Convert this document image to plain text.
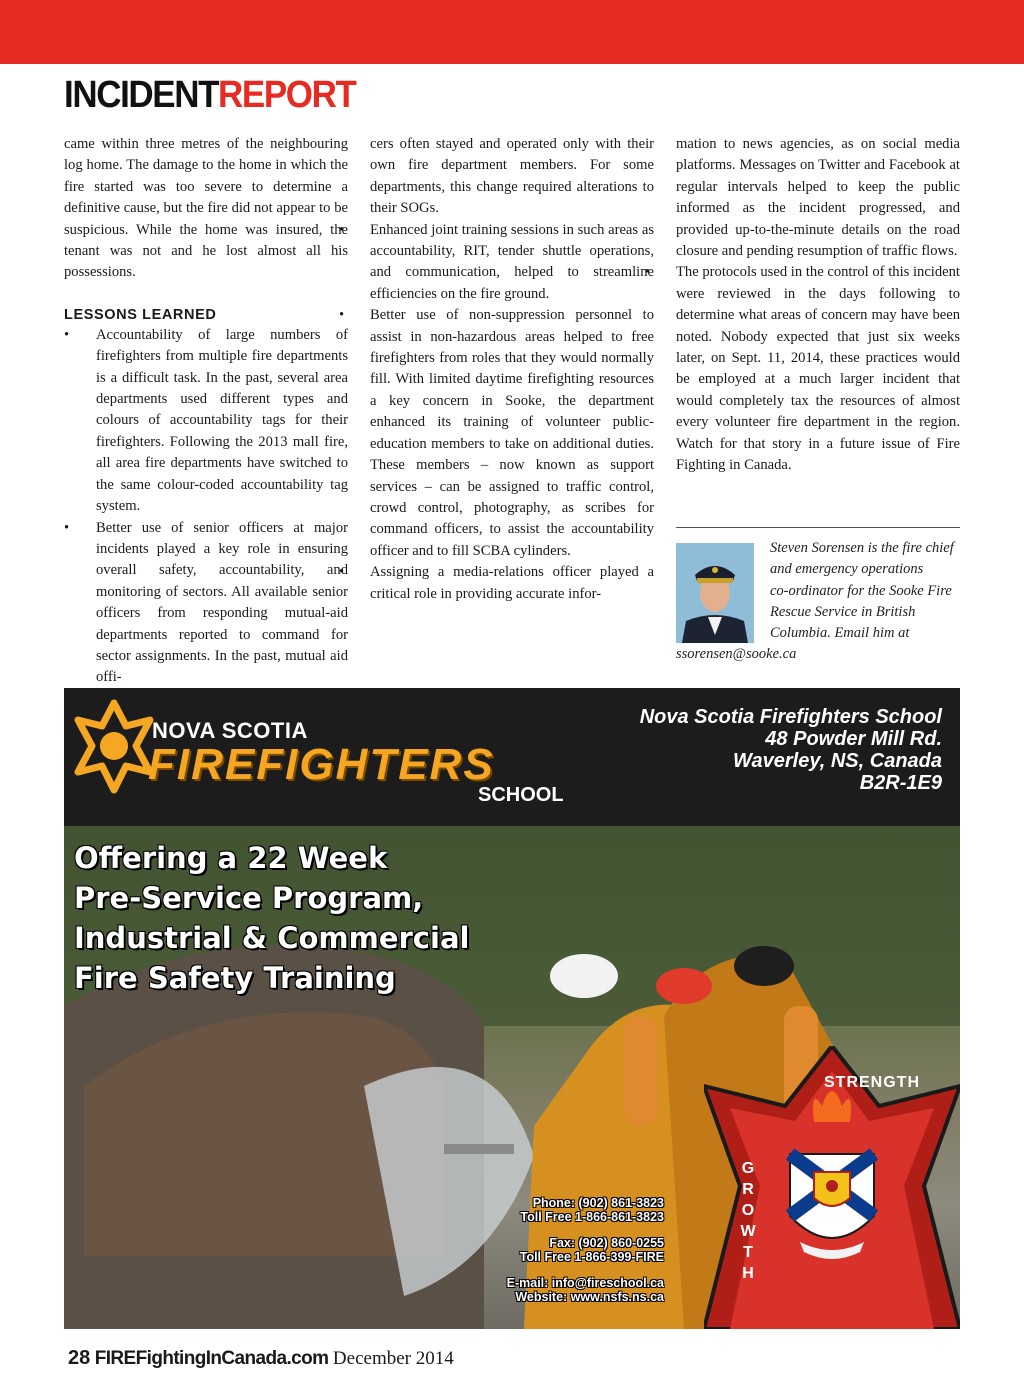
INCIDENTREPORT

came within three metres of the neighbouring log home. The damage to the home in which the fire started was too severe to determine a definitive cause, but the fire did not appear to be suspicious. While the home was insured, the tenant was not and he lost almost all his possessions.

LESSONS LEARNED

• Accountability of large numbers of firefighters from multiple fire departments is a difficult task. In the past, several area departments used different types and colours of accountability tags for their firefighters. Following the 2013 mall fire, all area fire departments have switched to the same colour-coded accountability tag system.
• Better use of senior officers at major incidents played a key role in ensuring overall safety, accountability, and monitoring of sectors. All available senior officers from responding mutual-aid departments reported to command for sector assignments. In the past, mutual aid offi-

cers often stayed and operated only with their own fire department members. For some departments, this change required alterations to their SOGs.

• Enhanced joint training sessions in such areas as accountability, RIT, tender shuttle operations, and communication, helped to streamline efficiencies on the fire ground.
• Better use of non-suppression personnel to assist in non-hazardous areas helped to free firefighters from roles that they would normally fill. With limited daytime firefighting resources a key concern in Sooke, the department enhanced its training of volunteer public-education members to take on additional duties. These members – now known as support services – can be assigned to traffic control, crowd control, photography, as scribes for command officers, to assist the accountability officer and to fill SCBA cylinders.
• Assigning a media-relations officer played a critical role in providing accurate infor-

mation to news agencies, as on social media platforms. Messages on Twitter and Facebook at regular intervals helped to keep the public informed as the incident progressed, and provided up-to-the-minute details on the road closure and pending resumption of traffic flows.

• The protocols used in the control of this incident were reviewed in the days following to determine what areas of concern may have been noted. Nobody expected that just six weeks later, on Sept. 11, 2014, these practices would be employed at a much larger incident that would completely tax the resources of almost every volunteer fire department in the region. Watch for that story in a future issue of Fire Fighting in Canada.
Steven Sorensen is the fire chief
and emergency operations
co-ordinator for the Sooke Fire
Rescue Service in British
Columbia. Email him at
ssorensen@sooke.ca
NOVA SCOTIA
FIREFIGHTERS
SCHOOL
Nova Scotia Firefighters School
48 Powder Mill Rd.
Waverley, NS, Canada
B2R-1E9
Offering a 22 Week
Pre-Service Program,
Industrial & Commercial
Fire Safety Training
Phone: (902) 861-3823
Toll Free 1-866-861-3823
Fax: (902) 860-0255
Toll Free 1-866-399-FIRE
E-mail: info@fireschool.ca
Website: www.nsfs.ns.ca
STRENGTH
GROWTH
28 FIREFightingInCanada.com December 2014
